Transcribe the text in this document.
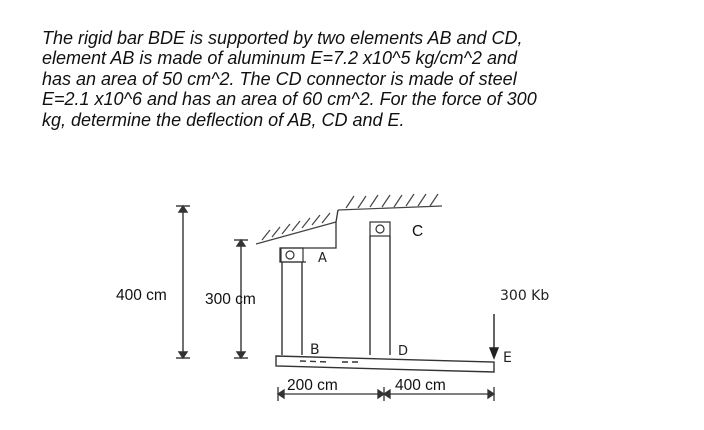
The rigid bar BDE is supported by two elements AB and CD,
element AB is made of aluminum E=7.2 x10^5 kg/cm^2 and
has an area of 50 cm^2. The CD connector is made of steel
E=2.1 x10^6 and has an area of 60 cm^2. For the force of 300
kg, determine the deflection of AB, CD and E.
A
C
B	D
300 Kb
E
400 cm 300 cm
200 cm	400 cm
